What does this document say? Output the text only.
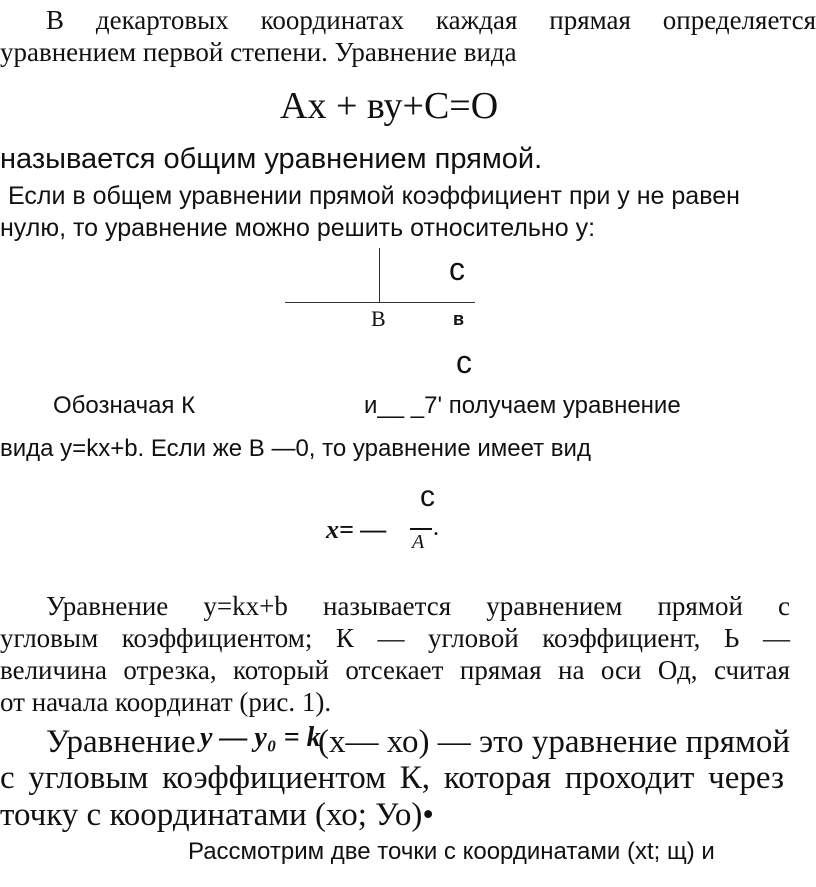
В декартовых координатах каждая прямая определяется
уравнением первой степени. Уравнение вида
Ах + ву+С=О
называется общим уравнением прямой.
Если в общем уравнении прямой коэффициент при у не равен
нулю, то уравнение можно решить относительно у:
с
В	в
с
Обозначая К	и__ _7' получаем уравнение
вида y=kx+b. Если же В —0, то уравнение имеет вид
с
x= — A
.
Уравнение y=kx+b называется уравнением прямой с
угловым коэффициентом; К — угловой коэффициент, Ь —
величина отрезка, который отсекает прямая на оси Од, считая
от начала координат (рис. 1).
Уравнение y — y₀ = k
(х— хо) — это уравнение прямой
с угловым коэффициентом К, которая проходит через
точку с координатами (хо; Уо)•
Рассмотрим две точки с координатами (xt; щ) и
